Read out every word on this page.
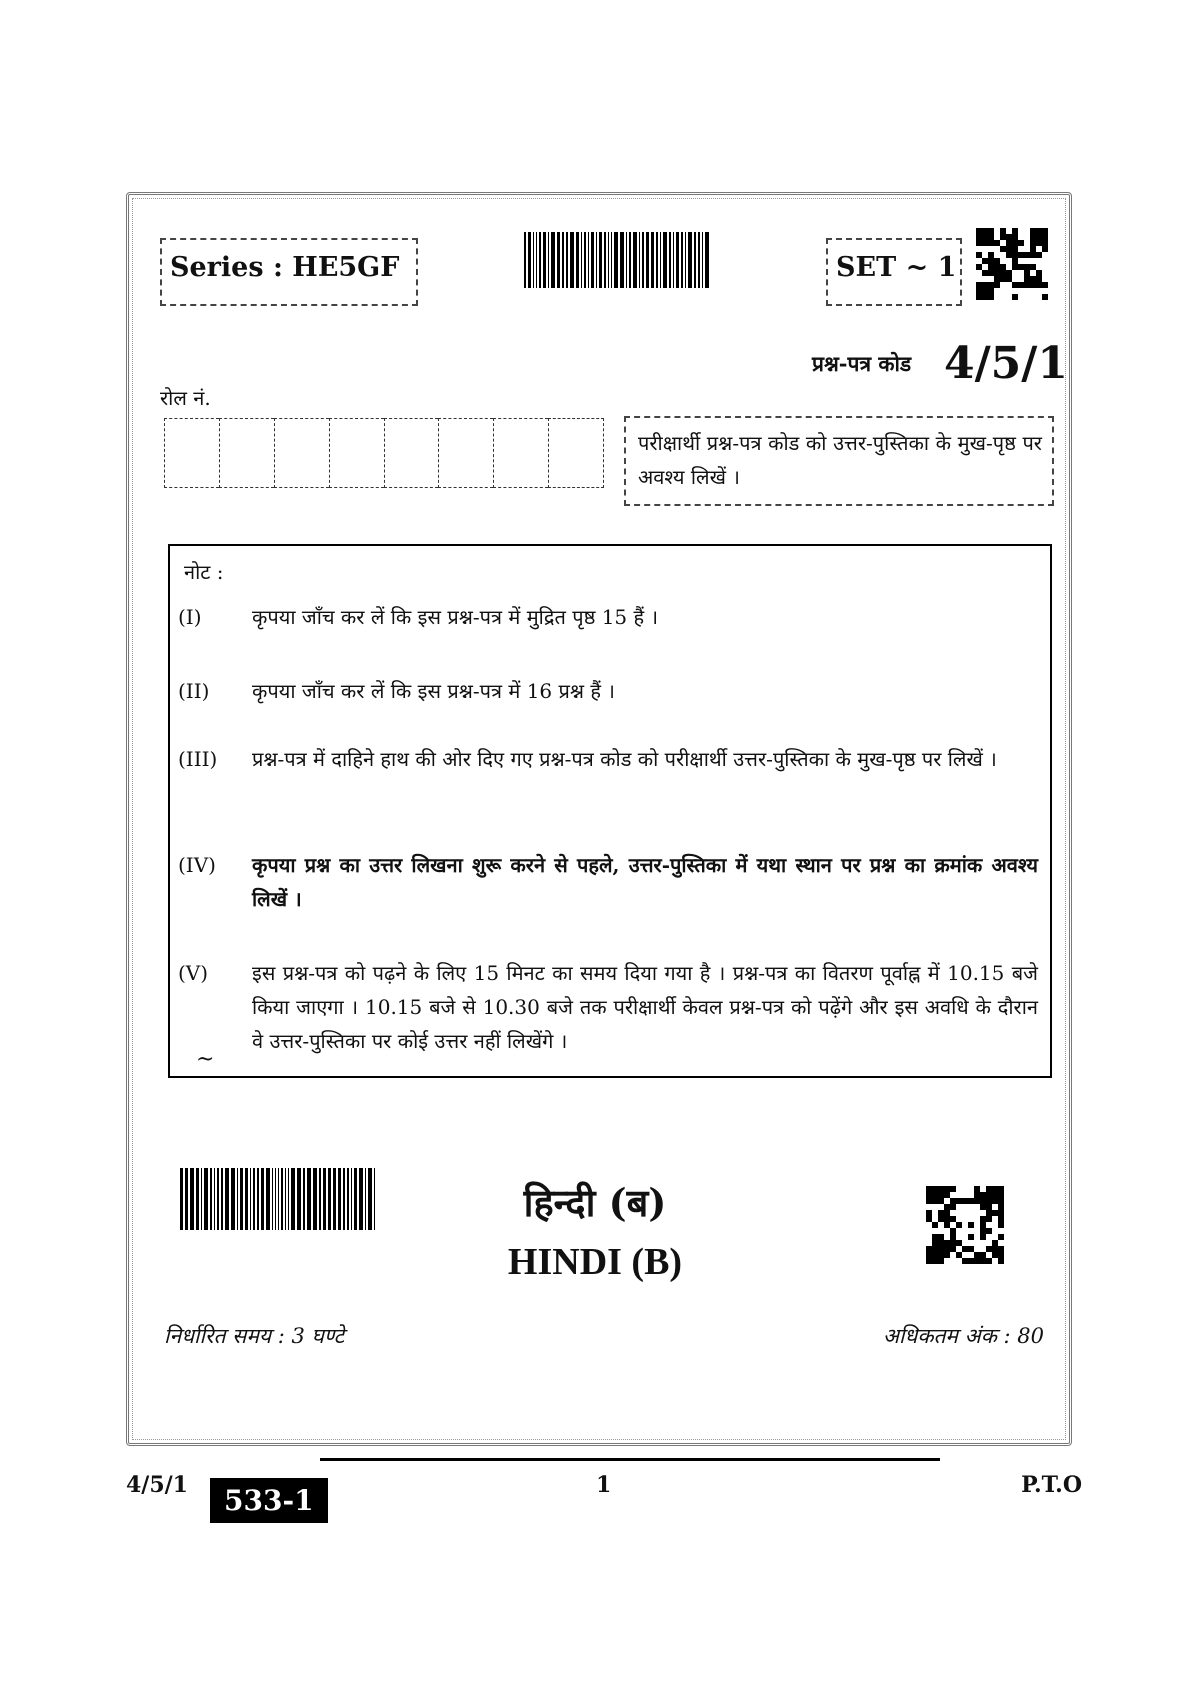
Series : HE5GF	SET ~ 1
प्रश्न-पत्र कोड 4/5/1
रोल नं.
परीक्षार्थी प्रश्न-पत्र कोड को उत्तर-पुस्तिका के मुख-पृष्ठ पर अवश्य लिखें ।
नोट :
(I)	कृपया जाँच कर लें कि इस प्रश्न-पत्र में मुद्रित पृष्ठ 15 हैं ।
(II)	कृपया जाँच कर लें कि इस प्रश्न-पत्र में 16 प्रश्न हैं ।
(III)	प्रश्न-पत्र में दाहिने हाथ की ओर दिए गए प्रश्न-पत्र कोड को परीक्षार्थी उत्तर-पुस्तिका के मुख-पृष्ठ पर लिखें ।
(IV)	कृपया प्रश्न का उत्तर लिखना शुरू करने से पहले, उत्तर-पुस्तिका में यथा स्थान पर प्रश्न का क्रमांक अवश्य लिखें ।
(V)	इस प्रश्न-पत्र को पढ़ने के लिए 15 मिनट का समय दिया गया है । प्रश्न-पत्र का वितरण पूर्वाह्न में 10.15 बजे किया जाएगा । 10.15 बजे से 10.30 बजे तक परीक्षार्थी केवल प्रश्न-पत्र को पढ़ेंगे और इस अवधि के दौरान वे उत्तर-पुस्तिका पर कोई उत्तर नहीं लिखेंगे ।
~
हिन्दी (ब)
HINDI (B)
निर्धारित समय : 3 घण्टे	अधिकतम अंक : 80
4/5/1	533-1	1	P.T.O
